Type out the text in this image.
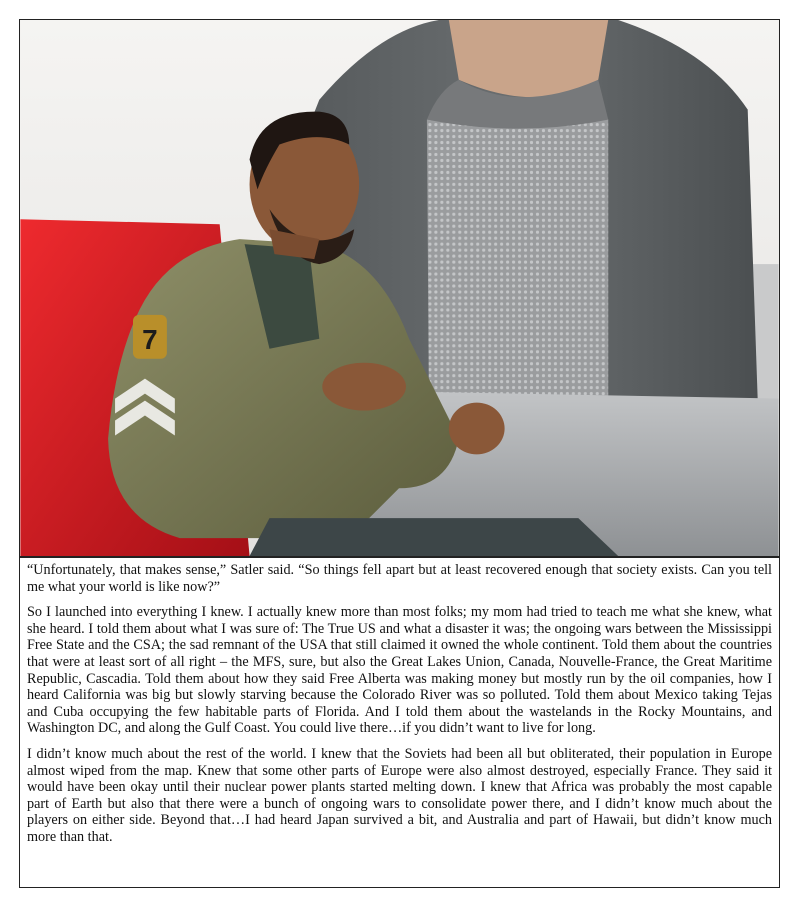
7

“Unfortunately, that makes sense,” Satler said. “So things fell apart but at least recovered enough that society exists. Can you tell me what your world is like now?”

So I launched into everything I knew. I actually knew more than most folks; my mom had tried to teach me what she knew, what she heard. I told them about what I was sure of: The True US and what a disaster it was; the ongoing wars between the Mississippi Free State and the CSA; the sad remnant of the USA that still claimed it owned the whole continent. Told them about the countries that were at least sort of all right – the MFS, sure, but also the Great Lakes Union, Canada, Nouvelle-France, the Great Maritime Republic, Cascadia. Told them about how they said Free Alberta was making money but mostly run by the oil companies, how I heard California was big but slowly starving because the Colorado River was so polluted. Told them about Mexico taking Tejas and Cuba occupying the few habitable parts of Florida. And I told them about the wastelands in the Rocky Mountains, and Washington DC, and along the Gulf Coast. You could live there…if you didn’t want to live for long.

I didn’t know much about the rest of the world. I knew that the Soviets had been all but obliterated, their population in Europe almost wiped from the map. Knew that some other parts of Europe were also almost destroyed, especially France. They said it would have been okay until their nuclear power plants started melting down. I knew that Africa was probably the most capable part of Earth but also that there were a bunch of ongoing wars to consolidate power there, and I didn’t know much about the players on either side. Beyond that…I had heard Japan survived a bit, and Australia and part of Hawaii, but didn’t know much more than that.
